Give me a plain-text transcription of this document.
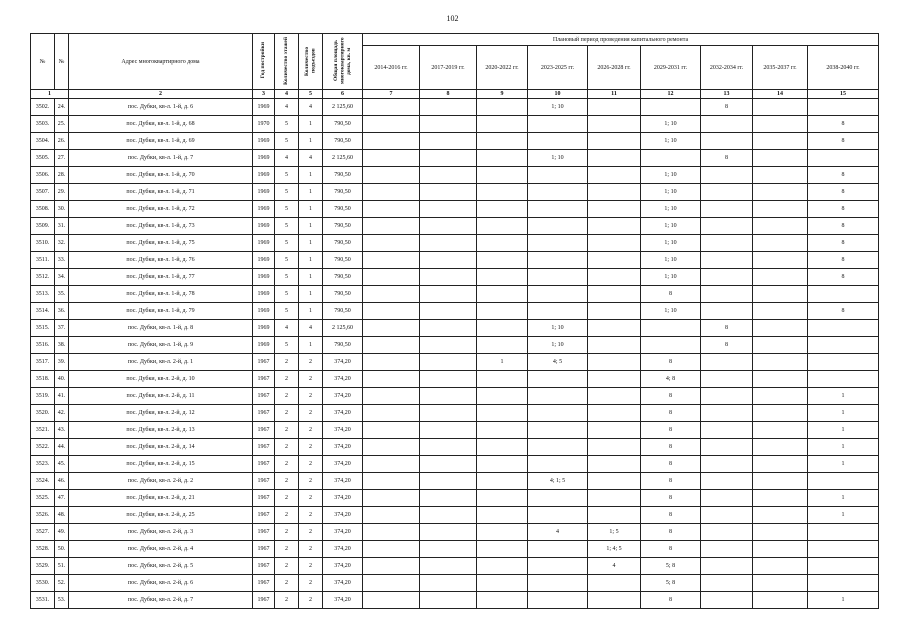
102
№	№	Адрес многоквартирного дома	Год постройки	Количество этажей	Количество подъездов	Общая площадь многоквартирного дома, кв. м	Плановый период проведения капитального ремонта								
							2014-2016 гг.	2017-2019 гг.	2020-2022 гг.	2023-2025 гг.	2026-2028 гг.	2029-2031 гг.	2032-2034 гг.	2035-2037 гг.	2038-2040 гг.
1		2	3	4	5	6	7	8	9	10	11	12	13	14	15
3502.	24.	пос. Дубки, кв-л. 1-й, д. 6	1969	4	4	2 125,60				1; 10			8		
3503.	25.	пос. Дубки, кв-л. 1-й, д. 68	1970	5	1	790,50						1; 10			8
3504.	26.	пос. Дубки, кв-л. 1-й, д. 69	1969	5	1	790,50						1; 10			8
3505.	27.	пос. Дубки, кв-л. 1-й, д. 7	1969	4	4	2 125,60				1; 10			8		
3506.	28.	пос. Дубки, кв-л. 1-й, д. 70	1969	5	1	790,50						1; 10			8
3507.	29.	пос. Дубки, кв-л. 1-й, д. 71	1969	5	1	790,50						1; 10			8
3508.	30.	пос. Дубки, кв-л. 1-й, д. 72	1969	5	1	790,50						1; 10			8
3509.	31.	пос. Дубки, кв-л. 1-й, д. 73	1969	5	1	790,50						1; 10			8
3510.	32.	пос. Дубки, кв-л. 1-й, д. 75	1969	5	1	790,50						1; 10			8
3511.	33.	пос. Дубки, кв-л. 1-й, д. 76	1969	5	1	790,50						1; 10			8
3512.	34.	пос. Дубки, кв-л. 1-й, д. 77	1969	5	1	790,50						1; 10			8
3513.	35.	пос. Дубки, кв-л. 1-й, д. 78	1969	5	1	790,50						8			
3514.	36.	пос. Дубки, кв-л. 1-й, д. 79	1969	5	1	790,50						1; 10			8
3515.	37.	пос. Дубки, кв-л. 1-й, д. 8	1969	4	4	2 125,60				1; 10			8		
3516.	38.	пос. Дубки, кв-л. 1-й, д. 9	1969	5	1	790,50				1; 10			8		
3517.	39.	пос. Дубки, кв-л. 2-й, д. 1	1967	2	2	374,20			1	4; 5		8			
3518.	40.	пос. Дубки, кв-л. 2-й, д. 10	1967	2	2	374,20						4; 8			
3519.	41.	пос. Дубки, кв-л. 2-й, д. 11	1967	2	2	374,20						8			1
3520.	42.	пос. Дубки, кв-л. 2-й, д. 12	1967	2	2	374,20						8			1
3521.	43.	пос. Дубки, кв-л. 2-й, д. 13	1967	2	2	374,20						8			1
3522.	44.	пос. Дубки, кв-л. 2-й, д. 14	1967	2	2	374,20						8			1
3523.	45.	пос. Дубки, кв-л. 2-й, д. 15	1967	2	2	374,20						8			1
3524.	46.	пос. Дубки, кв-л. 2-й, д. 2	1967	2	2	374,20				4; 1; 5		8			
3525.	47.	пос. Дубки, кв-л. 2-й, д. 21	1967	2	2	374,20						8			1
3526.	48.	пос. Дубки, кв-л. 2-й, д. 25	1967	2	2	374,20						8			1
3527.	49.	пос. Дубки, кв-л. 2-й, д. 3	1967	2	2	374,20				4	1; 5	8			
3528.	50.	пос. Дубки, кв-л. 2-й, д. 4	1967	2	2	374,20					1; 4; 5	8			
3529.	51.	пос. Дубки, кв-л. 2-й, д. 5	1967	2	2	374,20					4	5; 8			
3530.	52.	пос. Дубки, кв-л. 2-й, д. 6	1967	2	2	374,20						5; 8			
3531.	53.	пос. Дубки, кв-л. 2-й, д. 7	1967	2	2	374,20						8			1
